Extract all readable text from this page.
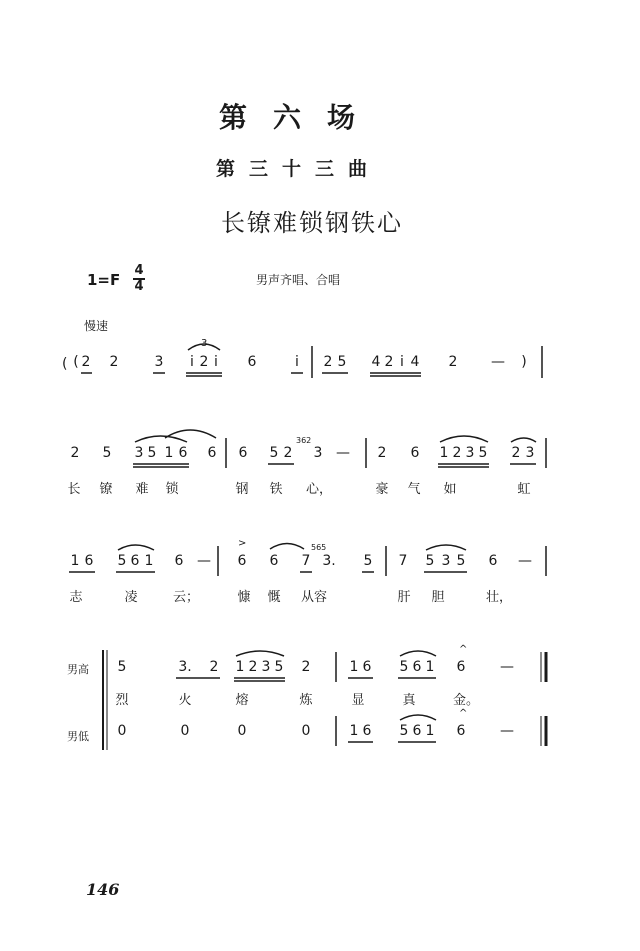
第六场
第三十三曲
长镣难锁钢铁心
1=F
4
4	男声齐唱、合唱
慢速
( 2 2	3 i 2 i 6	i 2 5 4 2 i 4 2 — )
2 5 3 5 1 6 6 6 5 2 3 — 2 6 1 2 3 5 2 3
长 镣 难 锁	钢 铁 心，	豪 气 如	虹
1 6 5 6 1 6 — 6 6 7 3. 5 7 5 3 5 6 —
志	凌	云；	慷 慨 从容	肝 胆	壮，
男高 5	3. 2 1 2 3 5 2	1 6 5 6 1 6 —
烈	火	熔	炼	显	真	金。
男低 0	0	0	0	1 6 5 6 1 6 —
3
362
565
146
>
^
^
(
